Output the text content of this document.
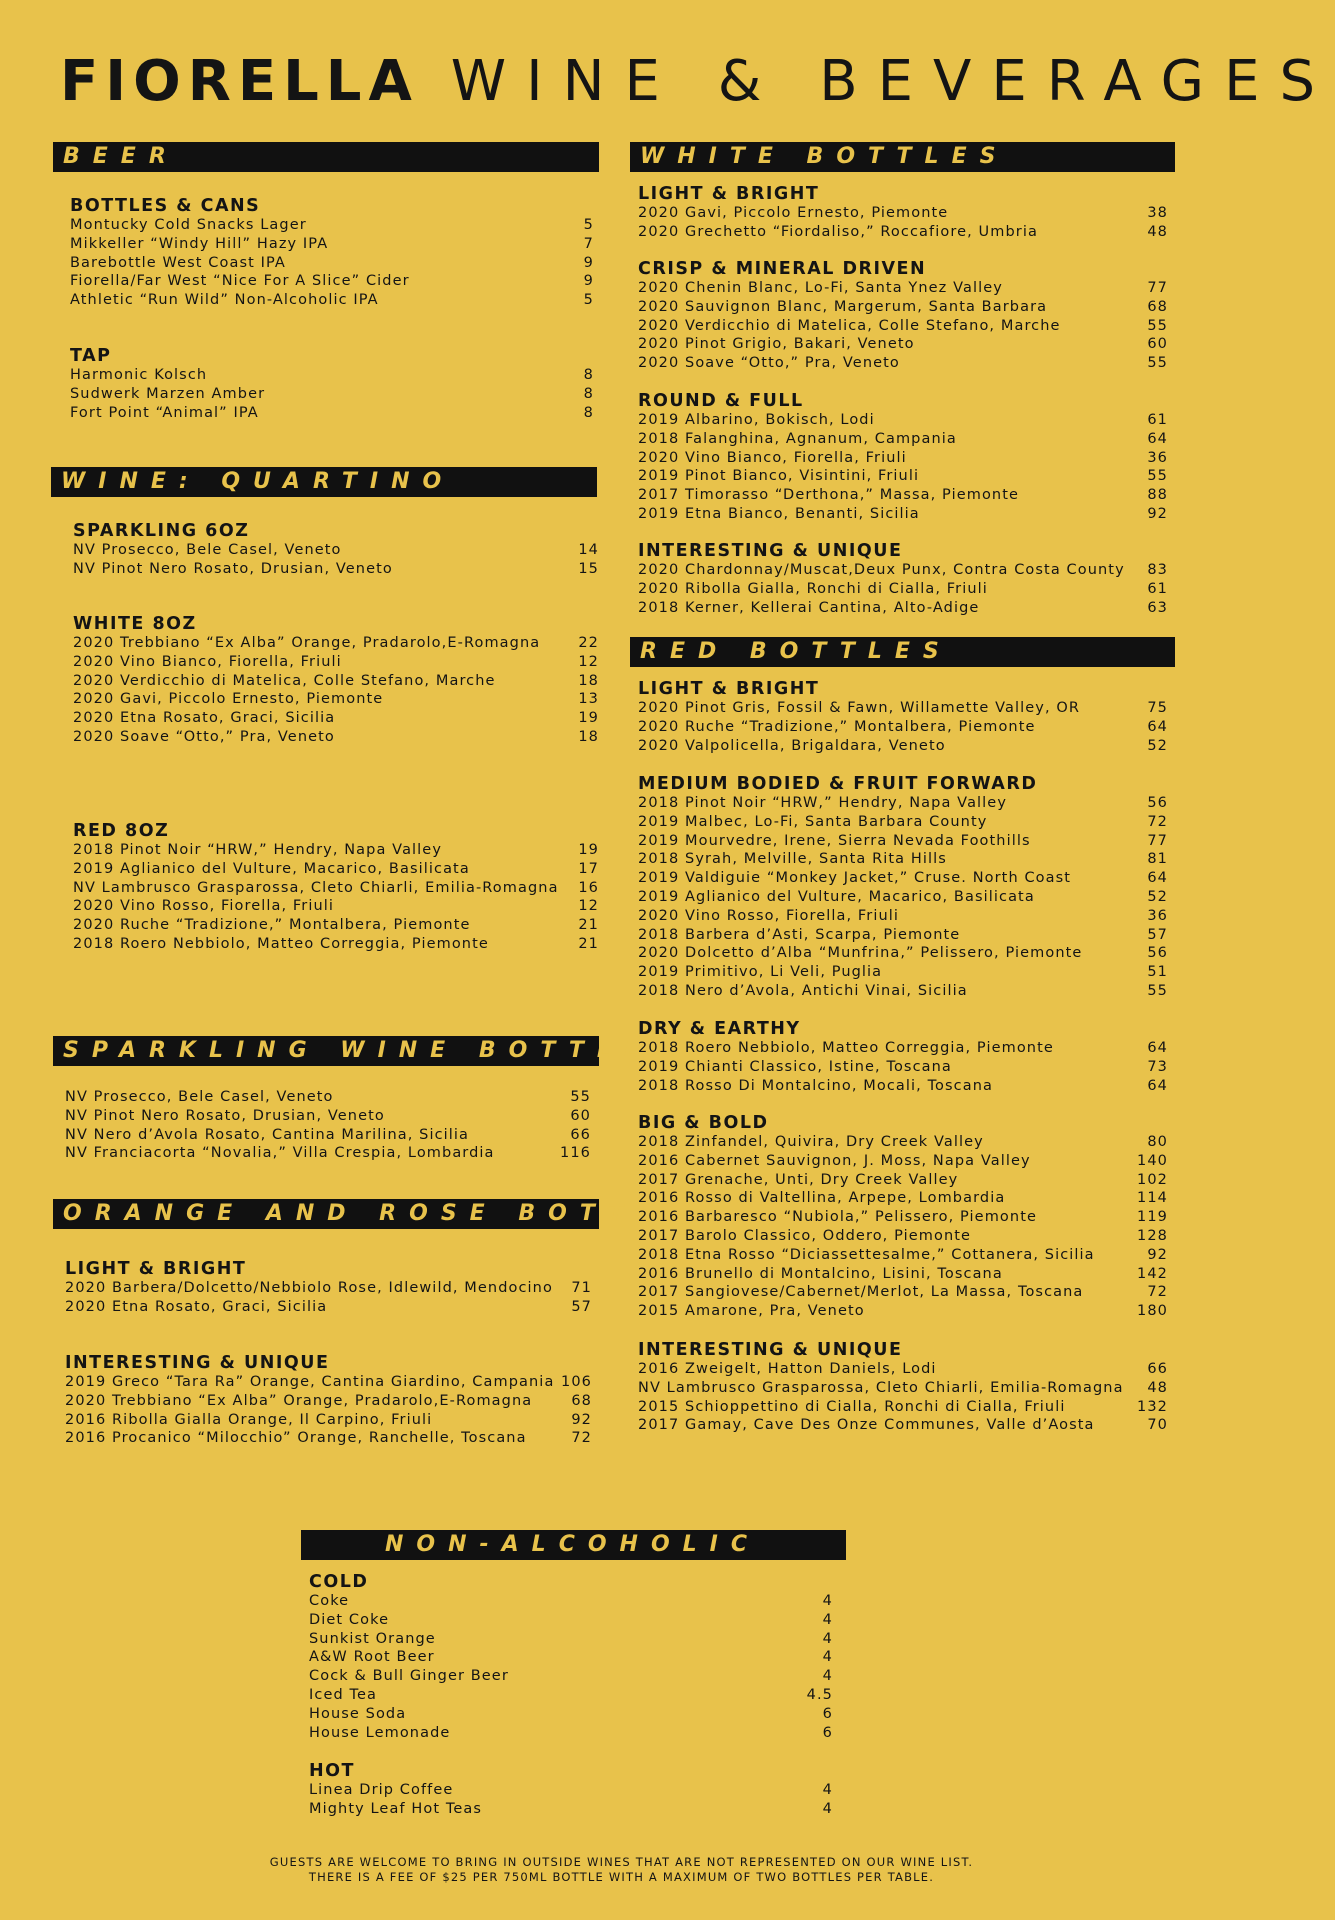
FIORELLA WINE & BEVERAGES
BEER
BOTTLES & CANS
Montucky Cold Snacks Lager	5
Mikkeller “Windy Hill” Hazy IPA	7
Barebottle West Coast IPA	9
Fiorella/Far West “Nice For A Slice” Cider	9
Athletic “Run Wild” Non-Alcoholic IPA	5
TAP
Harmonic Kolsch	8
Sudwerk Marzen Amber	8
Fort Point “Animal” IPA	8
WINE: QUARTINO
SPARKLING 6OZ
NV Prosecco, Bele Casel, Veneto	14
NV Pinot Nero Rosato, Drusian, Veneto	15
WHITE 8OZ
2020 Trebbiano “Ex Alba” Orange, Pradarolo,E-Romagna	22
2020 Vino Bianco, Fiorella, Friuli	12
2020 Verdicchio di Matelica, Colle Stefano, Marche	18
2020 Gavi, Piccolo Ernesto, Piemonte	13
2020 Etna Rosato, Graci, Sicilia	19
2020 Soave “Otto,” Pra, Veneto	18
RED 8OZ
2018 Pinot Noir “HRW,” Hendry, Napa Valley	19
2019 Aglianico del Vulture, Macarico, Basilicata	17
NV Lambrusco Grasparossa, Cleto Chiarli, Emilia-Romagna 16
2020 Vino Rosso, Fiorella, Friuli	12
2020 Ruche “Tradizione,” Montalbera, Piemonte	21
2018 Roero Nebbiolo, Matteo Correggia, Piemonte	21
SPARKLING WINE BOTTLES
NV Prosecco, Bele Casel, Veneto	55
NV Pinot Nero Rosato, Drusian, Veneto	60
NV Nero d’Avola Rosato, Cantina Marilina, Sicilia	66
NV Franciacorta “Novalia,” Villa Crespia, Lombardia	116
ORANGE AND ROSE BOTTLES
LIGHT & BRIGHT
2020 Barbera/Dolcetto/Nebbiolo Rose, Idlewild, Mendocino 71
2020 Etna Rosato, Graci, Sicilia	57
INTERESTING & UNIQUE
2019 Greco “Tara Ra” Orange, Cantina Giardino, Campania 106
2020 Trebbiano “Ex Alba” Orange, Pradarolo,E-Romagna	68
2016 Ribolla Gialla Orange, Il Carpino, Friuli	92
2016 Procanico “Milocchio” Orange, Ranchelle, Toscana	72
WHITE BOTTLES
LIGHT & BRIGHT
2020 Gavi, Piccolo Ernesto, Piemonte	38
2020 Grechetto “Fiordaliso,” Roccafiore, Umbria	48
CRISP & MINERAL DRIVEN
2020 Chenin Blanc, Lo-Fi, Santa Ynez Valley	77
2020 Sauvignon Blanc, Margerum, Santa Barbara	68
2020 Verdicchio di Matelica, Colle Stefano, Marche	55
2020 Pinot Grigio, Bakari, Veneto	60
2020 Soave “Otto,” Pra, Veneto	55
ROUND & FULL
2019 Albarino, Bokisch, Lodi	61
2018 Falanghina, Agnanum, Campania	64
2020 Vino Bianco, Fiorella, Friuli	36
2019 Pinot Bianco, Visintini, Friuli	55
2017 Timorasso “Derthona,” Massa, Piemonte	88
2019 Etna Bianco, Benanti, Sicilia	92
INTERESTING & UNIQUE
2020 Chardonnay/Muscat,Deux Punx, Contra Costa County 83
2020 Ribolla Gialla, Ronchi di Cialla, Friuli	61
2018 Kerner, Kellerai Cantina, Alto-Adige	63
RED BOTTLES
LIGHT & BRIGHT
2020 Pinot Gris, Fossil & Fawn, Willamette Valley, OR	75
2020 Ruche “Tradizione,” Montalbera, Piemonte	64
2020 Valpolicella, Brigaldara, Veneto	52
MEDIUM BODIED & FRUIT FORWARD
2018 Pinot Noir “HRW,” Hendry, Napa Valley	56
2019 Malbec, Lo-Fi, Santa Barbara County	72
2019 Mourvedre, Irene, Sierra Nevada Foothills	77
2018 Syrah, Melville, Santa Rita Hills	81
2019 Valdiguie “Monkey Jacket,” Cruse. North Coast	64
2019 Aglianico del Vulture, Macarico, Basilicata	52
2020 Vino Rosso, Fiorella, Friuli	36
2018 Barbera d’Asti, Scarpa, Piemonte	57
2020 Dolcetto d’Alba “Munfrina,” Pelissero, Piemonte	56
2019 Primitivo, Li Veli, Puglia	51
2018 Nero d’Avola, Antichi Vinai, Sicilia	55
DRY & EARTHY
2018 Roero Nebbiolo, Matteo Correggia, Piemonte	64
2019 Chianti Classico, Istine, Toscana	73
2018 Rosso Di Montalcino, Mocali, Toscana	64
BIG & BOLD
2018 Zinfandel, Quivira, Dry Creek Valley	80
2016 Cabernet Sauvignon, J. Moss, Napa Valley	140
2017 Grenache, Unti, Dry Creek Valley	102
2016 Rosso di Valtellina, Arpepe, Lombardia	114
2016 Barbaresco “Nubiola,” Pelissero, Piemonte	119
2017 Barolo Classico, Oddero, Piemonte	128
2018 Etna Rosso “Diciassettesalme,” Cottanera, Sicilia	92
2016 Brunello di Montalcino, Lisini, Toscana	142
2017 Sangiovese/Cabernet/Merlot, La Massa, Toscana	72
2015 Amarone, Pra, Veneto	180
INTERESTING & UNIQUE
2016 Zweigelt, Hatton Daniels, Lodi	66
NV Lambrusco Grasparossa, Cleto Chiarli, Emilia-Romagna 48
2015 Schioppettino di Cialla, Ronchi di Cialla, Friuli	132
2017 Gamay, Cave Des Onze Communes, Valle d’Aosta	70
NON-ALCOHOLIC
COLD
Coke	4
Diet Coke	4
Sunkist Orange	4
A&W Root Beer	4
Cock & Bull Ginger Beer	4
Iced Tea	4.5
House Soda	6
House Lemonade	6
HOT
Linea Drip Coffee	4
Mighty Leaf Hot Teas	4
GUESTS ARE WELCOME TO BRING IN OUTSIDE WINES THAT ARE NOT REPRESENTED ON OUR WINE LIST.
THERE IS A FEE OF $25 PER 750ML BOTTLE WITH A MAXIMUM OF TWO BOTTLES PER TABLE.
